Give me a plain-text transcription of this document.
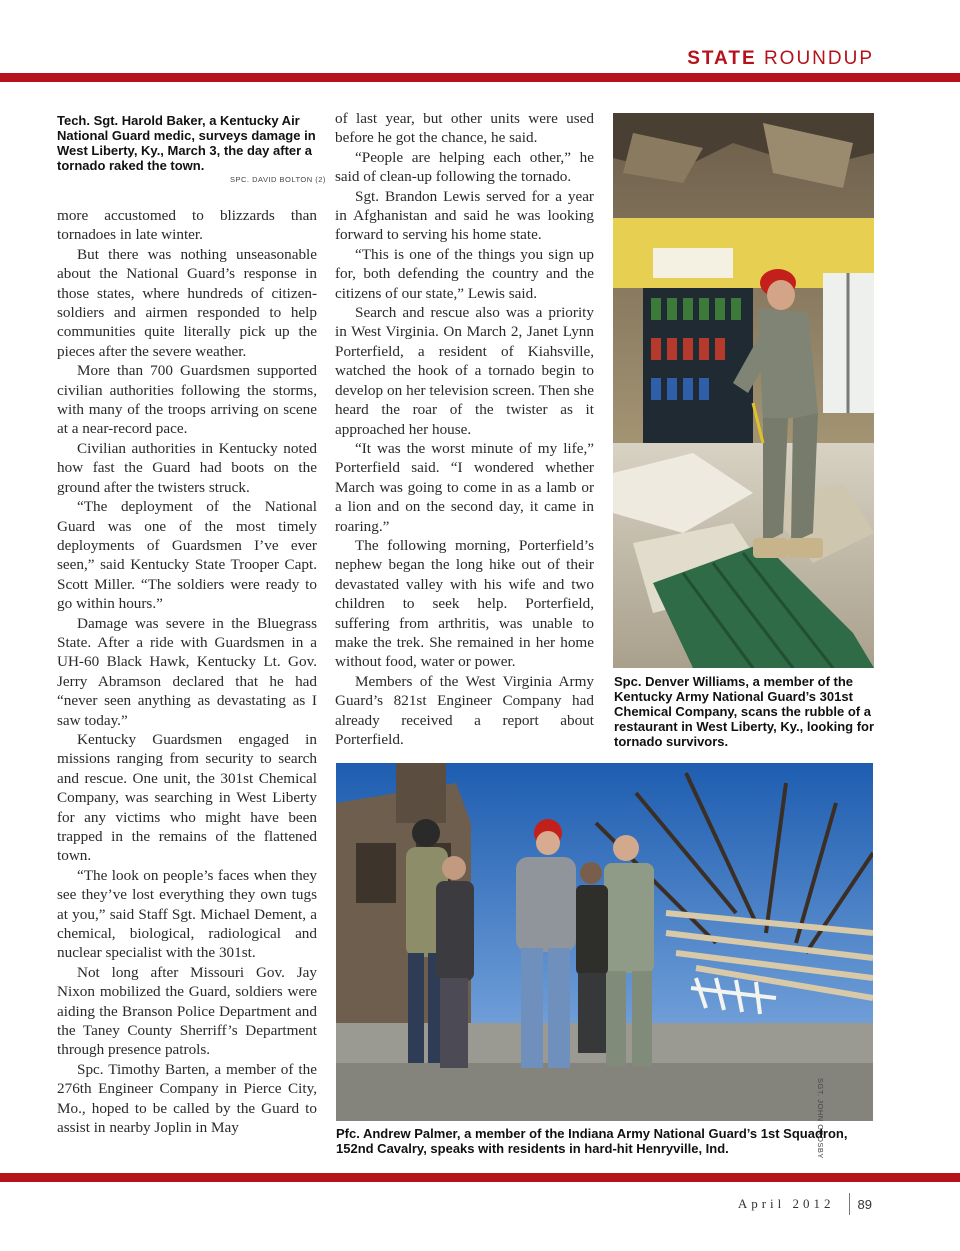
STATE ROUNDUP
Tech. Sgt. Harold Baker, a Kentucky Air National Guard medic, surveys damage in West Liberty, Ky., March 3, the day after a tornado raked the town.
SPC. DAVID BOLTON (2)

more accustomed to blizzards than tornadoes in late winter.

But there was nothing unseasonable about the National Guard’s response in those states, where hundreds of citizen-soldiers and airmen responded to help communities quite literally pick up the pieces after the severe weather.

More than 700 Guardsmen supported civilian authorities following the storms, with many of the troops arriving on scene at a near-record pace.

Civilian authorities in Kentucky noted how fast the Guard had boots on the ground after the twisters struck.

“The deployment of the National Guard was one of the most timely deployments of Guardsmen I’ve ever seen,” said Kentucky State Trooper Capt. Scott Miller. “The soldiers were ready to go within hours.”

Damage was severe in the Bluegrass State. After a ride with Guardsmen in a UH-60 Black Hawk, Kentucky Lt. Gov. Jerry Abramson declared that he had “never seen anything as devastating as I saw today.”

Kentucky Guardsmen engaged in missions ranging from security to search and rescue. One unit, the 301st Chemical Company, was searching in West Liberty for any victims who might have been trapped in the remains of the flattened town.

“The look on people’s faces when they see they’ve lost everything they own tugs at you,” said Staff Sgt. Michael Dement, a chemical, biological, radiological and nuclear specialist with the 301st.

Not long after Missouri Gov. Jay Nixon mobilized the Guard, soldiers were aiding the Branson Police Department and the Taney County Sherriff’s Department through presence patrols.

Spc. Timothy Barten, a member of the 276th Engineer Company in Pierce City, Mo., hoped to be called by the Guard to assist in nearby Joplin in May

of last year, but other units were used before he got the chance, he said.

“People are helping each other,” he said of clean-up following the tornado.

Sgt. Brandon Lewis served for a year in Afghanistan and said he was looking forward to serving his home state.

“This is one of the things you sign up for, both defending the country and the citizens of our state,” Lewis said.

Search and rescue also was a priority in West Virginia. On March 2, Janet Lynn Porterfield, a resident of Kiahsville, watched the hook of a tornado begin to develop on her television screen. Then she heard the roar of the twister as it approached her house.

“It was the worst minute of my life,” Porterfield said. “I wondered whether March was going to come in as a lamb or a lion and on the second day, it came in roaring.”

The following morning, Porterfield’s nephew began the long hike out of their devastated valley with his wife and two children to seek help. Porterfield, suffering from arthritis, was unable to make the trek. She remained in her home without food, water or power.

Members of the West Virginia Army Guard’s 821st Engineer Company had already received a report about Porterfield.

Spc. Denver Williams, a member of the Kentucky Army National Guard’s 301st Chemical Company, scans the rubble of a restaurant in West Liberty, Ky., looking for tornado survivors.
SGT. JOHN CROSBY
Pfc. Andrew Palmer, a member of the Indiana Army National Guard’s 1st Squadron, 152nd Cavalry, speaks with residents in hard-hit Henryville, Ind.
April 2012 89
